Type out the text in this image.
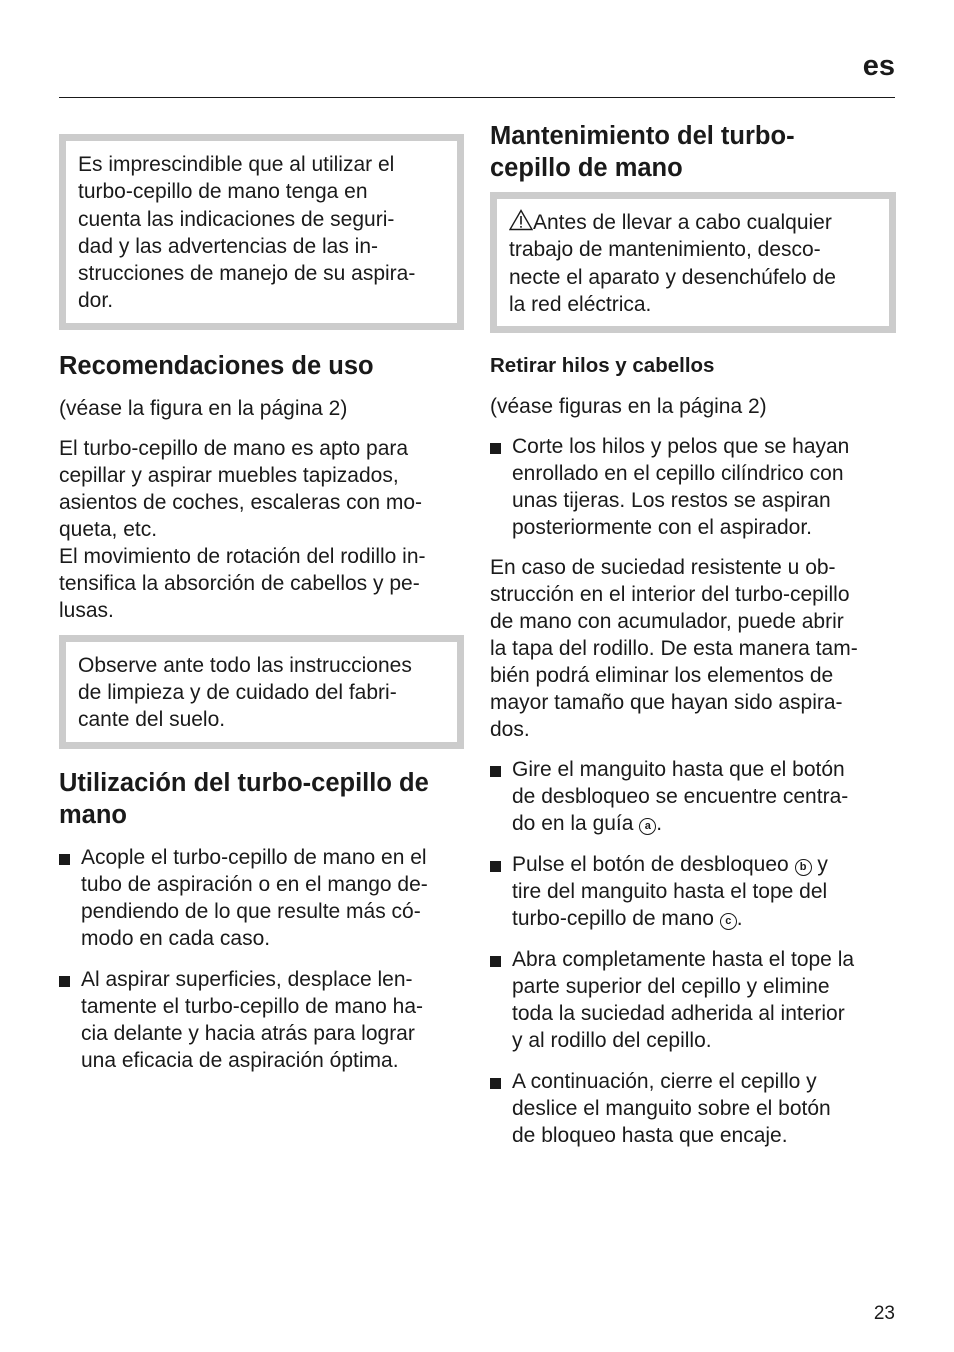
es
Es imprescindible que al utilizar el
turbo-cepillo de mano tenga en
cuenta las indicaciones de seguri-
dad y las advertencias de las in-
strucciones de manejo de su aspira-
dor.
Recomendaciones de uso

(véase la figura en la página 2)

El turbo-cepillo de mano es apto para
cepillar y aspirar muebles tapizados,
asientos de coches, escaleras con mo-
queta, etc.
El movimiento de rotación del rodillo in-
tensifica la absorción de cabellos y pe-
lusas.

Observe ante todo las instrucciones
de limpieza y de cuidado del fabri-
cante del suelo.
Utilización del turbo-cepillo de
mano
Acople el turbo-cepillo de mano en el
tubo de aspiración o en el mango de-
pendiendo de lo que resulte más có-
modo en cada caso.
Al aspirar superficies, desplace len-
tamente el turbo-cepillo de mano ha-
cia delante y hacia atrás para lograr
una eficacia de aspiración óptima.
Mantenimiento del turbo-
cepillo de mano
Antes de llevar a cabo cualquier
trabajo de mantenimiento, desco-
necte el aparato y desenchúfelo de
la red eléctrica.
Retirar hilos y cabellos

(véase figuras en la página 2)

Corte los hilos y pelos que se hayan
enrollado en el cepillo cilíndrico con
unas tijeras. Los restos se aspiran
posteriormente con el aspirador.

En caso de suciedad resistente u ob-
strucción en el interior del turbo-cepillo
de mano con acumulador, puede abrir
la tapa del rodillo. De esta manera tam-
bién podrá eliminar los elementos de
mayor tamaño que hayan sido aspira-
dos.

Gire el manguito hasta que el botón
de desbloqueo se encuentre centra-
do en la guía a .
Pulse el botón de desbloqueo b y
tire del manguito hasta el tope del
turbo-cepillo de mano c .
Abra completamente hasta el tope la
parte superior del cepillo y elimine
toda la suciedad adherida al interior
y al rodillo del cepillo.
A continuación, cierre el cepillo y
deslice el manguito sobre el botón
de bloqueo hasta que encaje.
23
